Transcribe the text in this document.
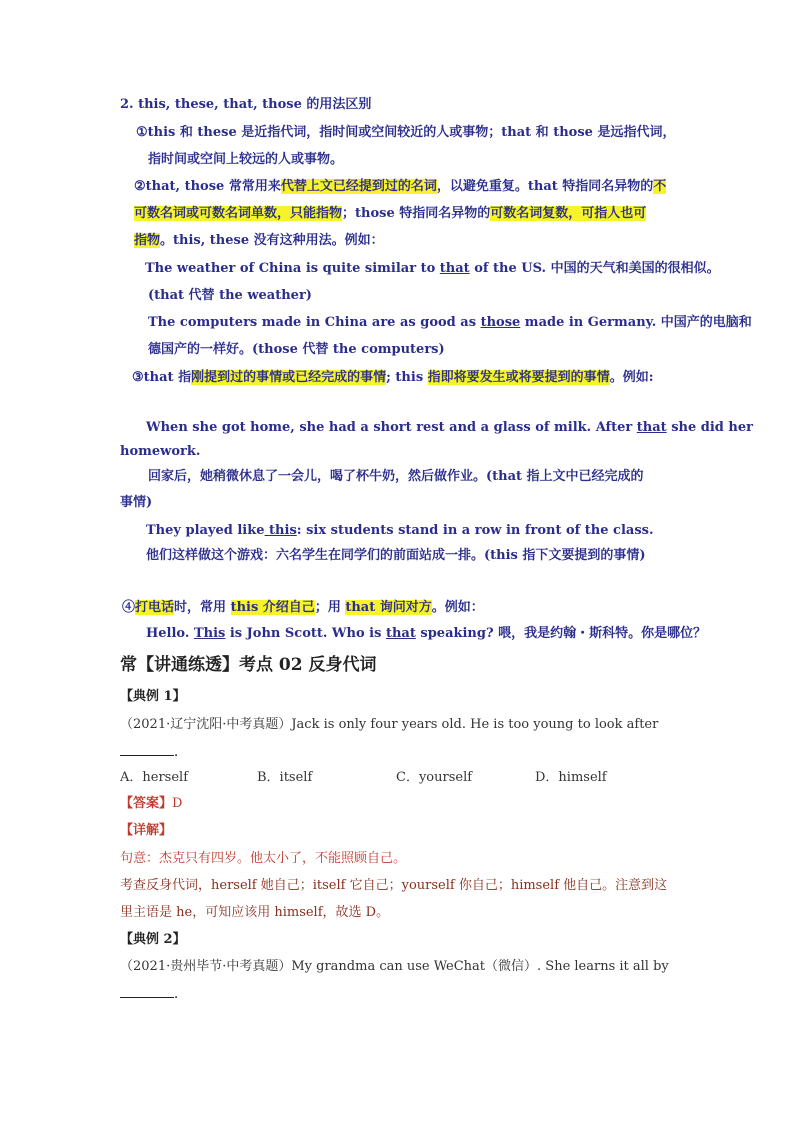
2. this, these, that, those 的用法区别
①this 和 these 是近指代词，指时间或空间较近的人或事物；that 和 those 是远指代词，
指时间或空间上较远的人或事物。
②that, those 常常用来代替上文已经提到过的名词，以避免重复。that 特指同名异物的不
可数名词或可数名词单数，只能指物；those 特指同名异物的可数名词复数，可指人也可
指物。this, these 没有这种用法。例如：
The weather of China is quite similar to that of the US. 中国的天气和美国的很相似。
(that 代替 the weather)
The computers made in China are as good as those made in Germany. 中国产的电脑和
德国产的一样好。(those 代替 the computers)
③that 指刚提到过的事情或已经完成的事情; this 指即将要发生或将要提到的事情。例如:
When she got home, she had a short rest and a glass of milk. After that she did her
homework.
回家后，她稍微休息了一会儿，喝了杯牛奶，然后做作业。(that 指上文中已经完成的
事情)
They played like this: six students stand in a row in front of the class.
他们这样做这个游戏：六名学生在同学们的前面站成一排。(this 指下文要提到的事情)
④打电话时，常用 this 介绍自己；用 that 询问对方。例如：
Hello. This is John Scott. Who is that speaking? 喂，我是约翰・斯科特。你是哪位？
常【讲通练透】考点 02 反身代词
【典例 1】
（2021·辽宁沈阳·中考真题）Jack is only four years old. He is too young to look after
.
A．herself	B．itself	C．yourself	D．himself
【答案】D
【详解】
句意：杰克只有四岁。他太小了，不能照顾自己。
考查反身代词，herself 她自己；itself 它自己；yourself 你自己；himself 他自己。注意到这
里主语是 he，可知应该用 himself，故选 D。
【典例 2】
（2021·贵州毕节·中考真题）My grandma can use WeChat（微信）. She learns it all by
.
